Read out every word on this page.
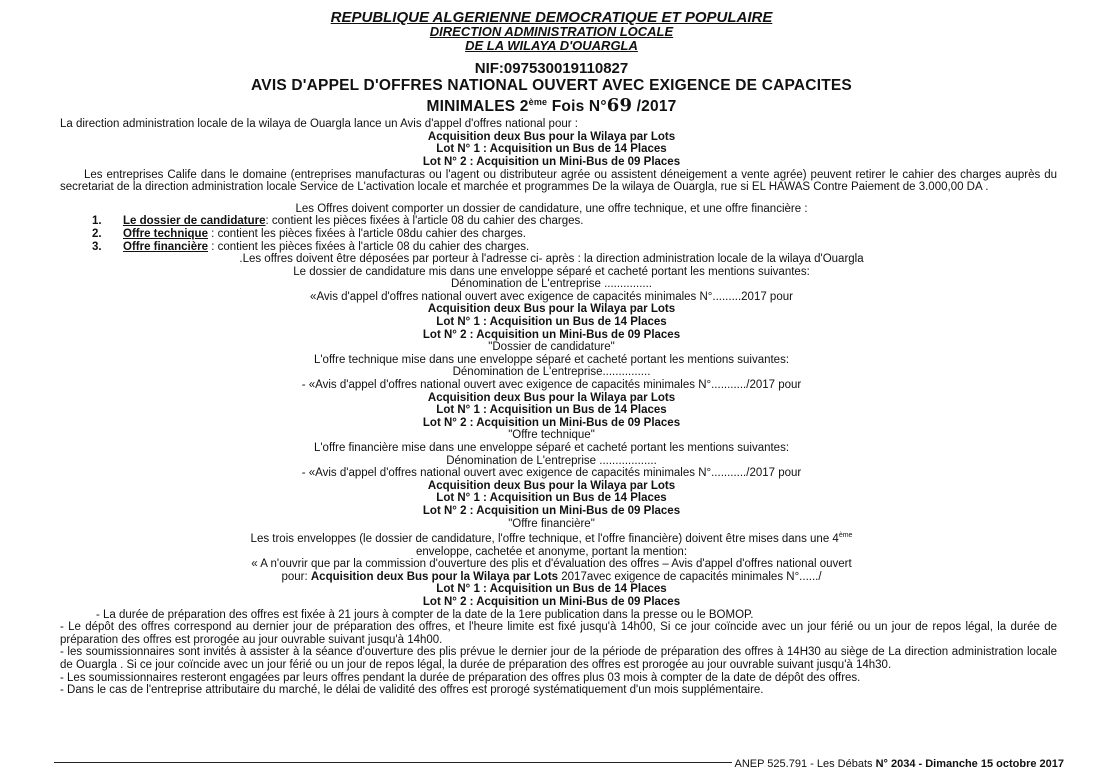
REPUBLIQUE ALGERIENNE DEMOCRATIQUE ET POPULAIRE
DIRECTION ADMINISTRATION LOCALE
DE LA WILAYA D'OUARGLA
NIF:097530019110827
AVIS D'APPEL D'OFFRES NATIONAL OUVERT AVEC EXIGENCE DE CAPACITES
MINIMALES 2ème Fois N°69 /2017
La direction administration locale de la wilaya de Ouargla lance un Avis d'appel d'offres national pour :
Acquisition deux Bus pour la Wilaya par Lots
Lot N° 1 : Acquisition un Bus de 14 Places
Lot N° 2 : Acquisition un Mini-Bus de 09 Places
Les entreprises Calife dans le domaine (entreprises manufacturas ou l'agent ou distributeur agrée ou assistent déneigement a vente agrée) peuvent retirer le cahier des charges auprès du secretariat de la direction administration locale Service de L'activation locale et marchée et programmes De la wilaya de Ouargla, rue si EL HAWAS Contre Paiement de 3.000,00 DA .
Les Offres doivent comporter un dossier de candidature, une offre technique, et une offre financière :
1. Le dossier de candidature: contient les pièces fixées à l'article 08 du cahier des charges.
2. Offre technique : contient les pièces fixées à l'article 08du cahier des charges.
3. Offre financière : contient les pièces fixées à l'article 08 du cahier des charges.
.Les offres doivent être déposées par porteur à l'adresse ci- après : la direction administration locale de la wilaya d'Ouargla
Le dossier de candidature mis dans une enveloppe séparé et cacheté portant les mentions suivantes:
Dénomination de L'entreprise ...............
«Avis d'appel d'offres national ouvert avec exigence de capacités minimales N°.........2017 pour
Acquisition deux Bus pour la Wilaya par Lots
Lot N° 1 : Acquisition un Bus de 14 Places
Lot N° 2 : Acquisition un Mini-Bus de 09 Places
"Dossier de candidature"
L'offre technique mise dans une enveloppe séparé et cacheté portant les mentions suivantes:
Dénomination de L'entreprise...............
- «Avis d'appel d'offres national ouvert avec exigence de capacités minimales N°.........../2017 pour
Acquisition deux Bus pour la Wilaya par Lots
Lot N° 1 : Acquisition un Bus de 14 Places
Lot N° 2 : Acquisition un Mini-Bus de 09 Places
"Offre technique"
L'offre financière mise dans une enveloppe séparé et cacheté portant les mentions suivantes:
Dénomination de L'entreprise ..................
- «Avis d'appel d'offres national ouvert avec exigence de capacités minimales N°.........../2017 pour
Acquisition deux Bus pour la Wilaya par Lots
Lot N° 1 : Acquisition un Bus de 14 Places
Lot N° 2 : Acquisition un Mini-Bus de 09 Places
"Offre financière"
Les trois enveloppes (le dossier de candidature, l'offre technique, et l'offre financière) doivent être mises dans une 4ème
enveloppe, cachetée et anonyme, portant la mention:
« A n'ouvrir que par la commission d'ouverture des plis et d'évaluation des offres – Avis d'appel d'offres national ouvert
pour: Acquisition deux Bus pour la Wilaya par Lots 2017avec exigence de capacités minimales N°....../
Lot N° 1 : Acquisition un Bus de 14 Places
Lot N° 2 : Acquisition un Mini-Bus de 09 Places
- La durée de préparation des offres est fixée à 21 jours à compter de la date de la 1ere publication dans la presse ou le BOMOP.
- Le dépôt des offres correspond au dernier jour de préparation des offres, et l'heure limite est fixé jusqu'à 14h00, Si ce jour coïncide avec un jour férié ou un jour de repos légal, la durée de préparation des offres est prorogée au jour ouvrable suivant jusqu'à 14h00.
- les soumissionnaires sont invités à assister à la séance d'ouverture des plis prévue le dernier jour de la période de préparation des offres à 14H30 au siège de La direction administration locale de Ouargla . Si ce jour coïncide avec un jour férié ou un jour de repos légal, la durée de préparation des offres est prorogée au jour ouvrable suivant jusqu'à 14h30.
- Les soumissionnaires resteront engagées par leurs offres pendant la durée de préparation des offres plus 03 mois à compter de la date de dépôt des offres.
- Dans le cas de l'entreprise attributaire du marché, le délai de validité des offres est prorogé systématiquement d'un mois supplémentaire.
ANEP 525.791 - Les Débats N° 2034 - Dimanche 15 octobre 2017
